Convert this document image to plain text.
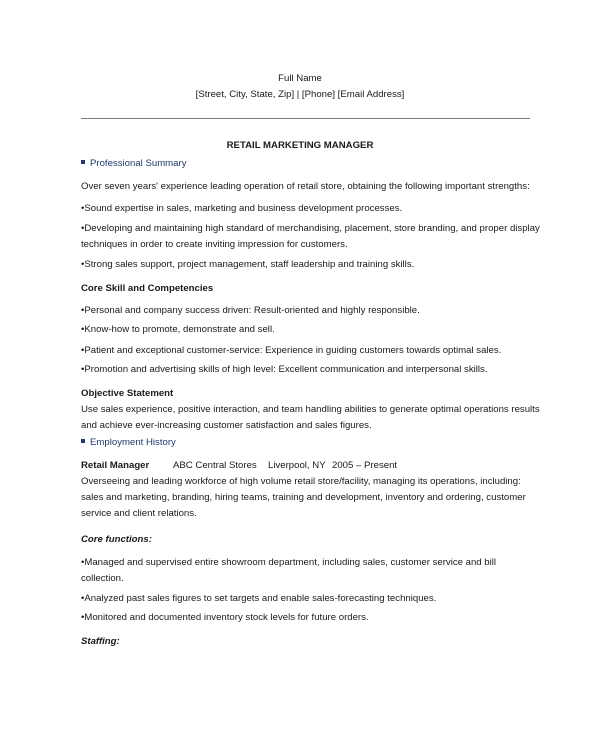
Full Name
[Street, City, State, Zip] | [Phone] [Email Address]
RETAIL MARKETING MANAGER
Professional Summary
Over seven years' experience leading operation of retail store, obtaining the following important strengths:
•Sound expertise in sales, marketing and business development processes.
•Developing and maintaining high standard of merchandising, placement, store branding, and proper display
techniques in order to create inviting impression for customers.
•Strong sales support, project management, staff leadership and training skills.
Core Skill and Competencies
•Personal and company success driven: Result-oriented and highly responsible.
•Know-how to promote, demonstrate and sell.
•Patient and exceptional customer-service: Experience in guiding customers towards optimal sales.
•Promotion and advertising skills of high level: Excellent communication and interpersonal skills.
Objective Statement
Use sales experience, positive interaction, and team handling abilities to generate optimal operations results
and achieve ever-increasing customer satisfaction and sales figures.
Employment History
Retail Manager ABC Central Stores Liverpool, NY 2005 – Present
Overseeing and leading workforce of high volume retail store/facility, managing its operations, including:
sales and marketing, branding, hiring teams, training and development, inventory and ordering, customer
service and client relations.
Core functions:
•Managed and supervised entire showroom department, including sales, customer service and bill
collection.
•Analyzed past sales figures to set targets and enable sales-forecasting techniques.
•Monitored and documented inventory stock levels for future orders.
Staffing:
